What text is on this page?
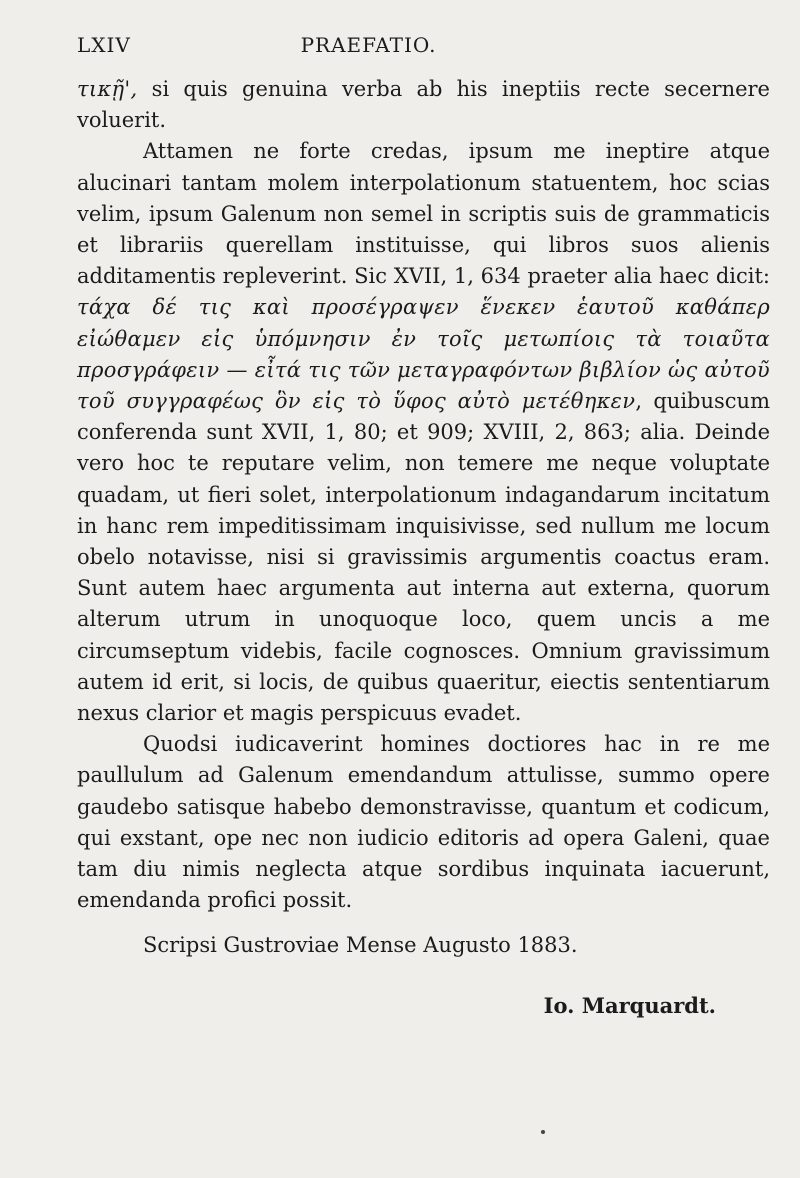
LXIV	PRAEFATIO.

τικῇ', si quis genuina verba ab his ineptiis recte secernere voluerit.

Attamen ne forte credas, ipsum me ineptire atque alucinari tantam molem interpolationum statuentem, hoc scias velim, ipsum Galenum non semel in scriptis suis de grammaticis et librariis querellam instituisse, qui libros suos alienis additamentis repleverint. Sic XVII, 1, 634 praeter alia haec dicit: τάχα δέ τις καὶ προσέγραψεν ἕνεκεν ἑαυτοῦ καθάπερ εἰώθαμεν εἰς ὑπόμνησιν ἐν τοῖς μετωπίοις τὰ τοιαῦτα προσγράφειν — εἶτά τις τῶν μεταγραφόντων βιβλίον ὡς αὐτοῦ τοῦ συγγραφέως ὃν εἰς τὸ ὕφος αὐτὸ μετέθηκεν, quibuscum conferenda sunt XVII, 1, 80; et 909; XVIII, 2, 863; alia. Deinde vero hoc te reputare velim, non temere me neque voluptate quadam, ut fieri solet, interpolationum indagandarum incitatum in hanc rem impeditissimam inquisivisse, sed nullum me locum obelo notavisse, nisi si gravissimis argumentis coactus eram. Sunt autem haec argumenta aut interna aut externa, quorum alterum utrum in unoquoque loco, quem uncis a me circumseptum videbis, facile cognosces. Omnium gravissimum autem id erit, si locis, de quibus quaeritur, eiectis sententiarum nexus clarior et magis perspicuus evadet.

Quodsi iudicaverint homines doctiores hac in re me paullulum ad Galenum emendandum attulisse, summo opere gaudebo satisque habebo demonstravisse, quantum et codicum, qui exstant, ope nec non iudicio editoris ad opera Galeni, quae tam diu nimis neglecta atque sordibus inquinata iacuerunt, emendanda profici possit.

Scripsi Gustroviae Mense Augusto 1883.
Io. Marquardt.
